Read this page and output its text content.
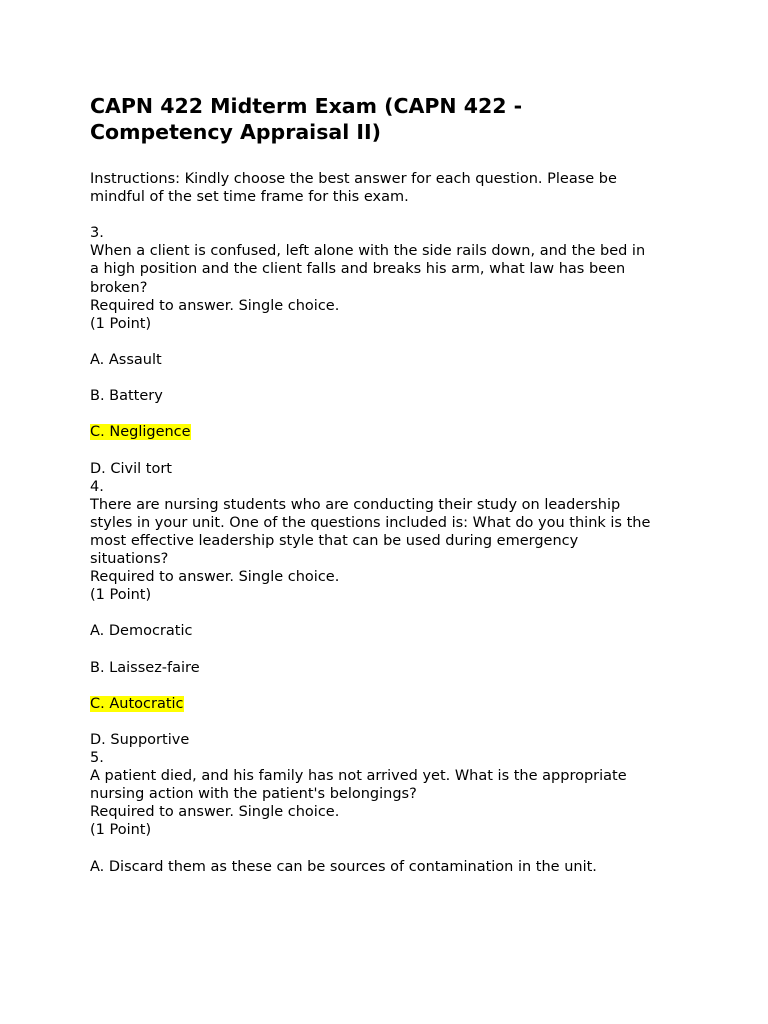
CAPN 422 Midterm Exam (CAPN 422 -
Competency Appraisal II)
Instructions: Kindly choose the best answer for each question. Please be
mindful of the set time frame for this exam.
3.
When a client is confused, left alone with the side rails down, and the bed in
a high position and the client falls and breaks his arm, what law has been
broken?
Required to answer. Single choice.
(1 Point)
A. Assault
B. Battery
C. Negligence
D. Civil tort
4.
There are nursing students who are conducting their study on leadership
styles in your unit. One of the questions included is: What do you think is the
most effective leadership style that can be used during emergency
situations?
Required to answer. Single choice.
(1 Point)
A. Democratic
B. Laissez-faire
C. Autocratic
D. Supportive
5.
A patient died, and his family has not arrived yet. What is the appropriate
nursing action with the patient's belongings?
Required to answer. Single choice.
(1 Point)
A. Discard them as these can be sources of contamination in the unit.
